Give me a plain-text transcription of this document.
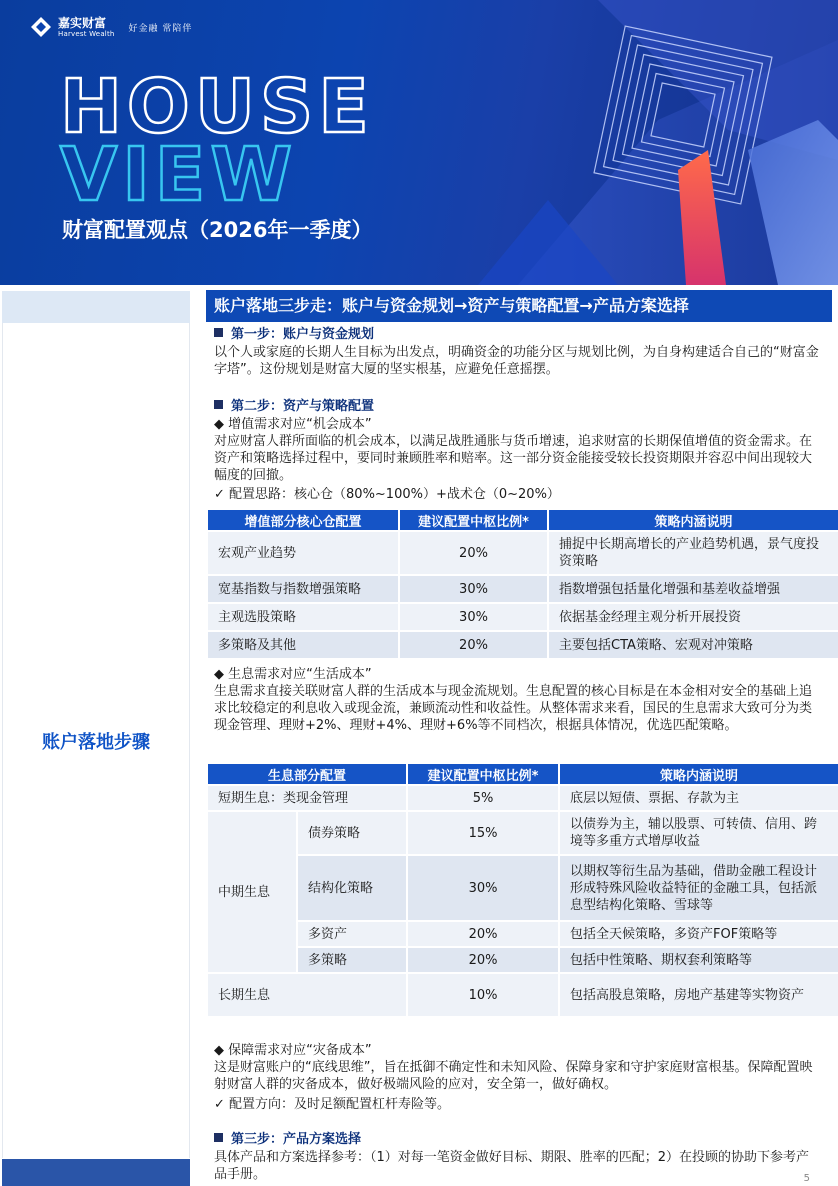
嘉实财富
Harvest Wealth 好金融 常陪伴
HOUSE
VIEW
财富配置观点（2026年一季度）
账户落地步骤
账户落地三步走：账户与资金规划→资产与策略配置→产品方案选择
第一步：账户与资金规划
以个人或家庭的长期人生目标为出发点，明确资金的功能分区与规划比例，为自身构建适合自己的“财富金字塔”。这份规划是财富大厦的坚实根基，应避免任意摇摆。
第二步：资产与策略配置
◆ 增值需求对应“机会成本”
对应财富人群所面临的机会成本，以满足战胜通胀与货币增速，追求财富的长期保值增值的资金需求。在资产和策略选择过程中，要同时兼顾胜率和赔率。这一部分资金能接受较长投资期限并容忍中间出现较大幅度的回撤。
✓ 配置思路：核心仓（80%~100%）+战术仓（0~20%）
增值部分核心仓配置	建议配置中枢比例*	策略内涵说明
宏观产业趋势	20%	捕捉中长期高增长的产业趋势机遇，景气度投资策略
宽基指数与指数增强策略	30%	指数增强包括量化增强和基差收益增强
主观选股策略	30%	依据基金经理主观分析开展投资
多策略及其他	20%	主要包括CTA策略、宏观对冲策略
◆ 生息需求对应“生活成本”
生息需求直接关联财富人群的生活成本与现金流规划。生息配置的核心目标是在本金相对安全的基础上追求比较稳定的利息收入或现金流，兼顾流动性和收益性。从整体需求来看，国民的生息需求大致可分为类现金管理、理财+2%、理财+4%、理财+6%等不同档次，根据具体情况，优选匹配策略。
生息部分配置		建议配置中枢比例*	策略内涵说明
短期生息：类现金管理		5%	底层以短债、票据、存款为主
中期生息	债券策略	15%	以债券为主，辅以股票、可转债、信用、跨境等多重方式增厚收益
	结构化策略	30%	以期权等衍生品为基础，借助金融工程设计形成特殊风险收益特征的金融工具，包括派息型结构化策略、雪球等
	多资产	20%	包括全天候策略，多资产FOF策略等
	多策略	20%	包括中性策略、期权套利策略等
长期生息		10%	包括高股息策略，房地产基建等实物资产
◆ 保障需求对应“灾备成本”
这是财富账户的“底线思维”，旨在抵御不确定性和未知风险、保障身家和守护家庭财富根基。保障配置映射财富人群的灾备成本，做好极端风险的应对，安全第一，做好确权。
✓ 配置方向：及时足额配置杠杆寿险等。
第三步：产品方案选择
具体产品和方案选择参考：（1）对每一笔资金做好目标、期限、胜率的匹配；2）在投顾的协助下参考产品手册。	5
